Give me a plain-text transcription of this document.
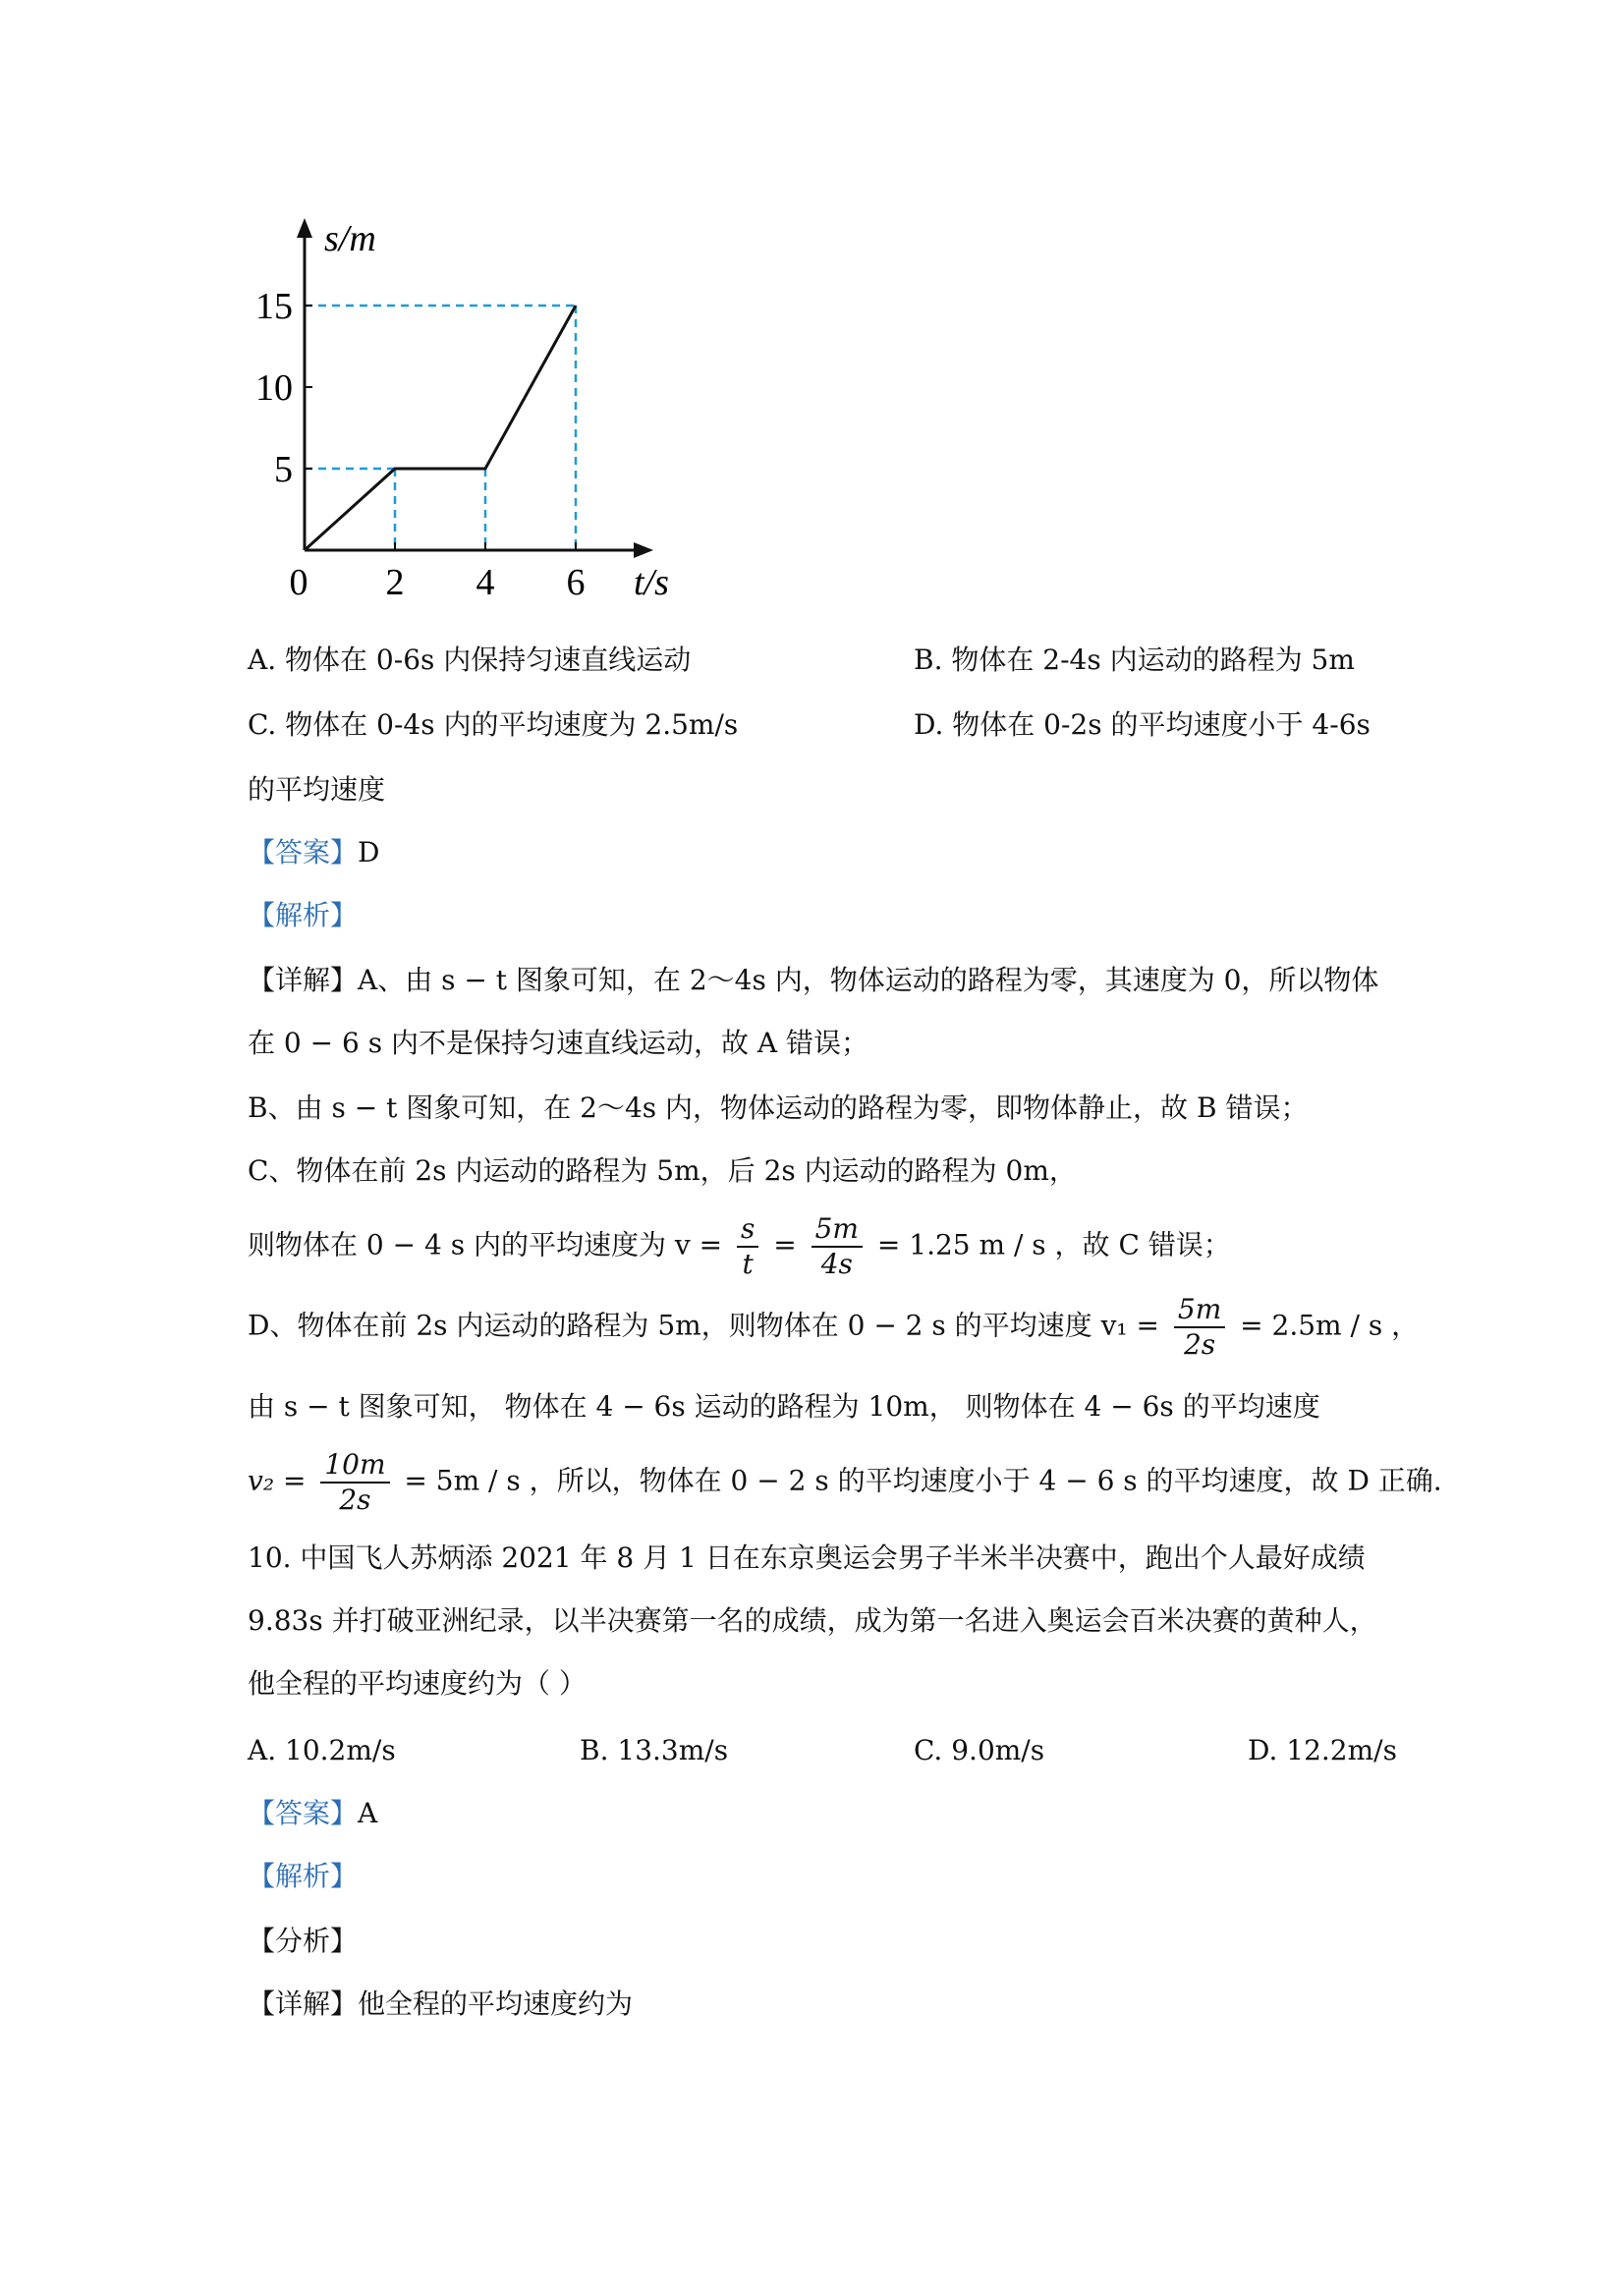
15
10
5
0 2 4 6
s/m
t/s
A. 物体在 0-6s 内保持匀速直线运动	B. 物体在 2-4s 内运动的路程为 5m
C. 物体在 0-4s 内的平均速度为 2.5m/s	D. 物体在 0-2s 的平均速度小于 4-6s
的平均速度
【答案】D
【解析】
【详解】A、由 s − t 图象可知，在 2～4s 内，物体运动的路程为零，其速度为 0，所以物体
在 0 − 6 s 内不是保持匀速直线运动，故 A 错误；
B、由 s − t 图象可知，在 2～4s 内，物体运动的路程为零，即物体静止，故 B 错误；
C、物体在前 2s 内运动的路程为 5m，后 2s 内运动的路程为 0m，
则物体在 0 − 4 s 内的平均速度为 $v = \frac{s}{t} = \frac{5m}{4s} = 1.25$ m / s ，故 C 错误；
D、物体在前 2s 内运动的路程为 5m，则物体在 0 − 2 s 的平均速度 $v_1 = \frac{5m}{2s} = 2.5m / s$ ，
由 s − t 图象可知， 物体在 4 − 6s 运动的路程为 10m， 则物体在 4 − 6s 的平均速度
$v_2 = \frac{10m}{2s} = 5m / s$ ，所以，物体在 0 − 2 s 的平均速度小于 4 − 6 s 的平均速度，故 D 正确.
10. 中国飞人苏炳添 2021 年 8 月 1 日在东京奥运会男子半米半决赛中，跑出个人最好成绩
9.83s 并打破亚洲纪录，以半决赛第一名的成绩，成为第一名进入奥运会百米决赛的黄种人，
他全程的平均速度约为（ ）
A. 10.2m/s	B. 13.3m/s	C. 9.0m/s	D. 12.2m/s
【答案】A
【解析】
【分析】
【详解】他全程的平均速度约为
